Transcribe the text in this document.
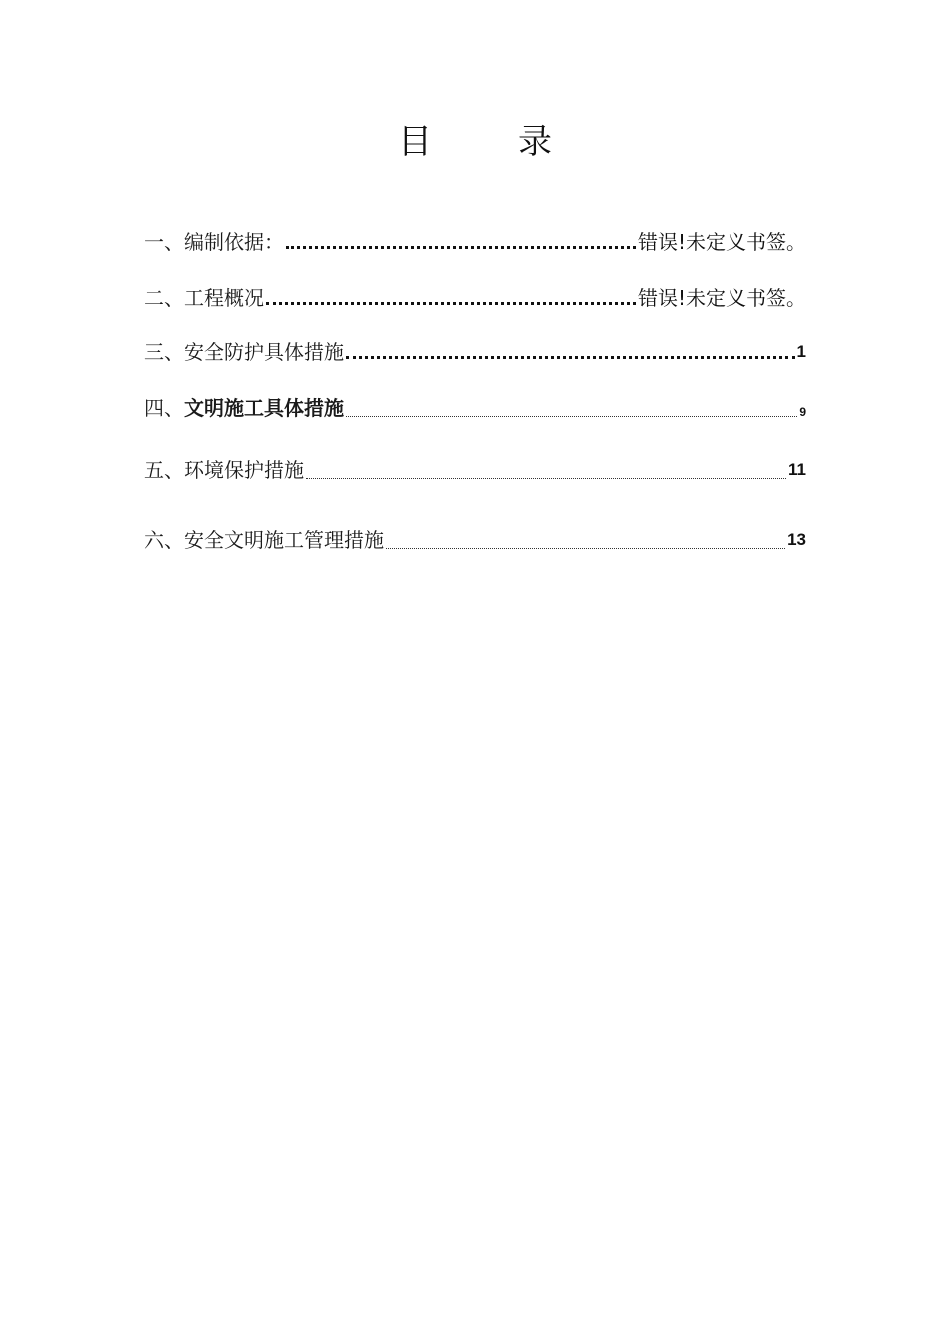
目	录
一、编制依据：	错误!未定义书签。
二、工程概况	错误!未定义书签。
三、安全防护具体措施	1
四、文明施工具体措施	9
五、环境保护措施	11
六、安全文明施工管理措施	13
